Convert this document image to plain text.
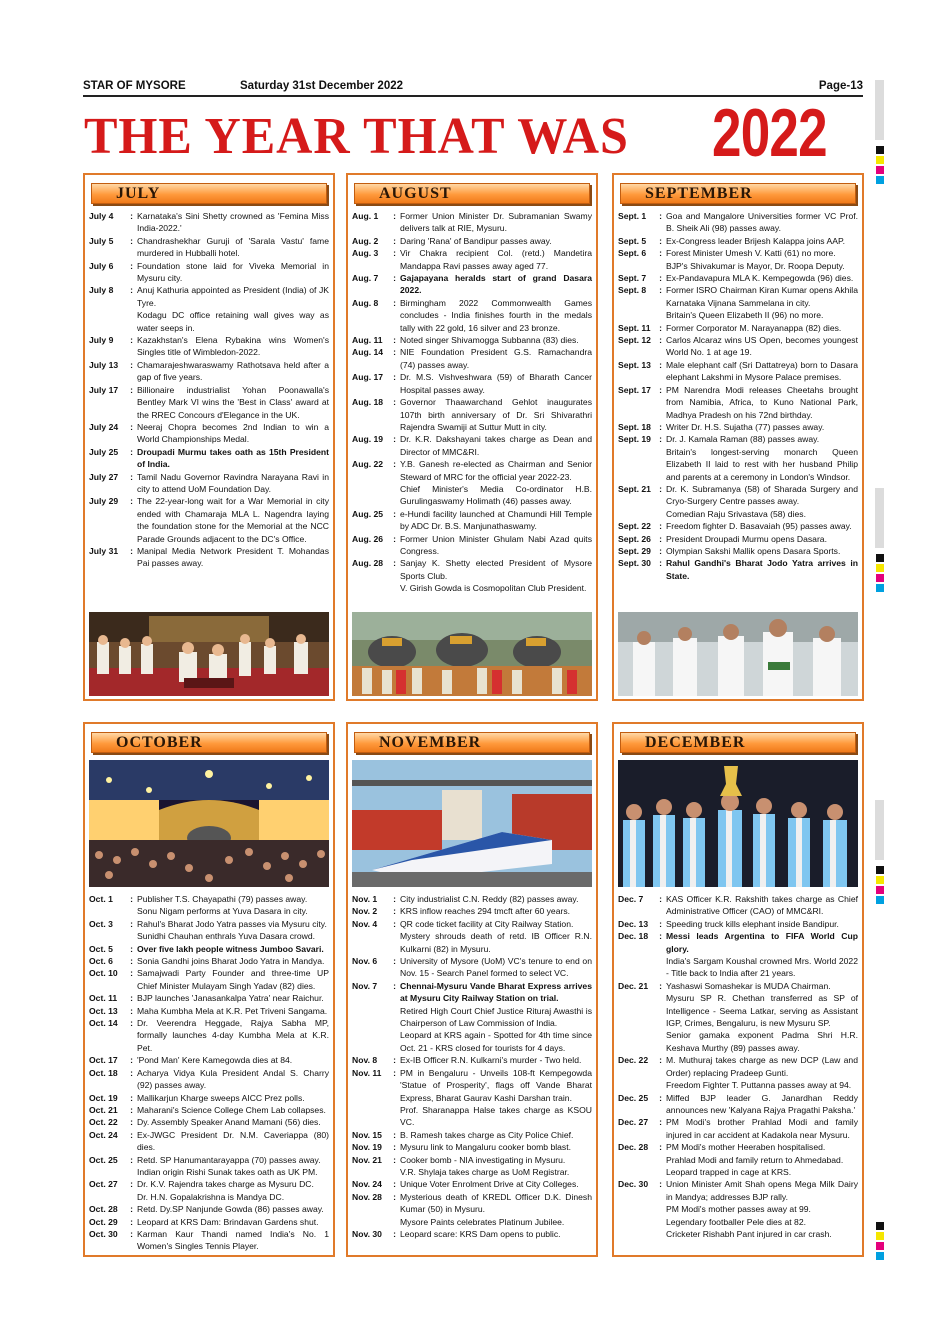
STAR OF MYSORE	Saturday 31st December 2022	Page-13
THE YEAR THAT WAS 2022
JULY	AUGUST	SEPTEMBER
OCTOBER	NOVEMBER	DECEMBER
July 4	: Karnataka's Sini Shetty crowned as 'Femina Miss India-2022.'
July 5	: Chandrashekhar Guruji of 'Sarala Vastu' fame murdered in Hubballi hotel.
July 6	: Foundation stone laid for Viveka Memorial in Mysuru city.
July 8	: Anuj Kathuria appointed as President (India) of JK Tyre.
Kodagu DC office retaining wall gives way as water seeps in.
July 9	: Kazakhstan's Elena Rybakina wins Women's Singles title of Wimbledon-2022.
July 13	: Chamarajeshwaraswamy Rathotsava held after a gap of five years.
July 17	: Billionaire industrialist Yohan Poonawalla's Bentley Mark VI wins the 'Best in Class' award at the RREC Concours d'Elegance in the UK.
July 24	: Neeraj Chopra becomes 2nd Indian to win a World Championships Medal.
July 25	: Droupadi Murmu takes oath as 15th President of India.
July 27	: Tamil Nadu Governor Ravindra Narayana Ravi in city to attend UoM Foundation Day.
July 29	: The 22-year-long wait for a War Memorial in city ended with Chamaraja MLA L. Nagendra laying the foundation stone for the Memorial at the NCC Parade Grounds adjacent to the DC's Office.
July 31	: Manipal Media Network President T. Mohandas Pai passes away.
Aug. 1	: Former Union Minister Dr. Subramanian Swamy delivers talk at RIE, Mysuru.
Aug. 2	: Daring 'Rana' of Bandipur passes away.
Aug. 3	: Vir Chakra recipient Col. (retd.) Mandetira Mandappa Ravi passes away aged 77.
Aug. 7	: Gajapayana heralds start of grand Dasara 2022.
Aug. 8	: Birmingham 2022 Commonwealth Games concludes - India finishes fourth in the medals tally with 22 gold, 16 silver and 23 bronze.
Aug. 11	: Noted singer Shivamogga Subbanna (83) dies.
Aug. 14	: NIE Foundation President G.S. Ramachandra (74) passes away.
Aug. 17	: Dr. M.S. Vishveshwara (59) of Bharath Cancer Hospital passes away.
Aug. 18	: Governor Thaawarchand Gehlot inaugurates 107th birth anniversary of Dr. Sri Shivarathri Rajendra Swamiji at Suttur Mutt in city.
Aug. 19	: Dr. K.R. Dakshayani takes charge as Dean and Director of MMC&RI.
Aug. 22	: Y.B. Ganesh re-elected as Chairman and Senior Steward of MRC for the official year 2022-23.
Chief Minister's Media Co-ordinator H.B. Gurulingaswamy Holimath (46) passes away.
Aug. 25	: e-Hundi facility launched at Chamundi Hill Temple by ADC Dr. B.S. Manjunathaswamy.
Aug. 26	: Former Union Minister Ghulam Nabi Azad quits Congress.
Aug. 28	: Sanjay K. Shetty elected President of Mysore Sports Club.
V. Girish Gowda is Cosmopolitan Club President.
Sept. 1	: Goa and Mangalore Universities former VC Prof. B. Sheik Ali (98) passes away.
Sept. 5	: Ex-Congress leader Brijesh Kalappa joins AAP.
Sept. 6	: Forest Minister Umesh V. Katti (61) no more.
BJP's Shivakumar is Mayor, Dr. Roopa Deputy.
Sept. 7	: Ex-Pandavapura MLA K. Kempegowda (96) dies.
Sept. 8	: Former ISRO Chairman Kiran Kumar opens Akhila Karnataka Vijnana Sammelana in city.
Britain's Queen Elizabeth II (96) no more.
Sept. 11 : Former Corporator M. Narayanappa (82) dies.
Sept. 12 : Carlos Alcaraz wins US Open, becomes youngest World No. 1 at age 19.
Sept. 13 : Male elephant calf (Sri Dattatreya) born to Dasara elephant Lakshmi in Mysore Palace premises.
Sept. 17 : PM Narendra Modi releases Cheetahs brought from Namibia, Africa, to Kuno National Park, Madhya Pradesh on his 72nd birthday.
Sept. 18 : Writer Dr. H.S. Sujatha (77) passes away.
Sept. 19 : Dr. J. Kamala Raman (88) passes away.
Britain's longest-serving monarch Queen Elizabeth II laid to rest with her husband Philip and parents at a ceremony in London's Windsor.
Sept. 21 : Dr. K. Subramanya (58) of Sharada Surgery and Cryo-Surgery Centre passes away.
Comedian Raju Srivastava (58) dies.
Sept. 22 : Freedom fighter D. Basavaiah (95) passes away.
Sept. 26 : President Droupadi Murmu opens Dasara.
Sept. 29 : Olympian Sakshi Mallik opens Dasara Sports.
Sept. 30 : Rahul Gandhi's Bharat Jodo Yatra arrives in State.
Oct. 1	: Publisher T.S. Chayapathi (79) passes away.
Sonu Nigam performs at Yuva Dasara in city.
Oct. 3	: Rahul's Bharat Jodo Yatra passes via Mysuru city.
Sunidhi Chauhan enthrals Yuva Dasara crowd.
Oct. 5	: Over five lakh people witness Jumboo Savari.
Oct. 6	: Sonia Gandhi joins Bharat Jodo Yatra in Mandya.
Oct. 10	: Samajwadi Party Founder and three-time UP Chief Minister Mulayam Singh Yadav (82) dies.
Oct. 11	: BJP launches 'Janasankalpa Yatra' near Raichur.
Oct. 13	: Maha Kumbha Mela at K.R. Pet Triveni Sangama.
Oct. 14	: Dr. Veerendra Heggade, Rajya Sabha MP, formally launches 4-day Kumbha Mela at K.R. Pet.
Oct. 17	: 'Pond Man' Kere Kamegowda dies at 84.
Oct. 18	: Acharya Vidya Kula President Andal S. Charry (92) passes away.
Oct. 19	: Mallikarjun Kharge sweeps AICC Prez polls.
Oct. 21	: Maharani's Science College Chem Lab collapses.
Oct. 22	: Dy. Assembly Speaker Anand Mamani (56) dies.
Oct. 24	: Ex-JWGC President Dr. N.M. Caveriappa (80) dies.
Oct. 25	: Retd. SP Hanumantarayappa (70) passes away.
Indian origin Rishi Sunak takes oath as UK PM.
Oct. 27	: Dr. K.V. Rajendra takes charge as Mysuru DC.
Dr. H.N. Gopalakrishna is Mandya DC.
Oct. 28	: Retd. Dy.SP Nanjunde Gowda (86) passes away.
Oct. 29	: Leopard at KRS Dam: Brindavan Gardens shut.
Oct. 30	: Karman Kaur Thandi named India's No. 1 Women's Singles Tennis Player.
Nov. 1	: City industrialist C.N. Reddy (82) passes away.
Nov. 2	: KRS inflow reaches 294 tmcft after 60 years.
Nov. 4	: QR code ticket facility at City Railway Station.
Mystery shrouds death of retd. IB Officer R.N. Kulkarni (82) in Mysuru.
Nov. 6	: University of Mysore (UoM) VC's tenure to end on Nov. 15 - Search Panel formed to select VC.
Nov. 7	: Chennai-Mysuru Vande Bharat Express arrives at Mysuru City Railway Station on trial.
Retired High Court Chief Justice Rituraj Awasthi is Chairperson of Law Commission of India.
Leopard at KRS again - Spotted for 4th time since Oct. 21 - KRS closed for tourists for 4 days.
Nov. 8	: Ex-IB Officer R.N. Kulkarni's murder - Two held.
Nov. 11	: PM in Bengaluru - Unveils 108-ft Kempegowda 'Statue of Prosperity', flags off Vande Bharat Express, Bharat Gaurav Kashi Darshan train.
Prof. Sharanappa Halse takes charge as KSOU VC.
Nov. 15	: B. Ramesh takes charge as City Police Chief.
Nov. 19	: Mysuru link to Mangaluru cooker bomb blast.
Nov. 21	: Cooker bomb - NIA investigating in Mysuru.
V.R. Shylaja takes charge as UoM Registrar.
Nov. 24	: Unique Voter Enrolment Drive at City Colleges.
Nov. 28	: Mysterious death of KREDL Officer D.K. Dinesh Kumar (50) in Mysuru.
Mysore Paints celebrates Platinum Jubilee.
Nov. 30	: Leopard scare: KRS Dam opens to public.
Dec. 7	: KAS Officer K.R. Rakshith takes charge as Chief Administrative Officer (CAO) of MMC&RI.
Dec. 13	: Speeding truck kills elephant inside Bandipur.
Dec. 18	: Messi leads Argentina to FIFA World Cup glory.
India's Sargam Koushal crowned Mrs. World 2022 - Title back to India after 21 years.
Dec. 21	: Yashaswi Somashekar is MUDA Chairman.
Mysuru SP R. Chethan transferred as SP of Intelligence - Seema Latkar, serving as Assistant IGP, Crimes, Bengaluru, is new Mysuru SP.
Senior gamaka exponent Padma Shri H.R. Keshava Murthy (89) passes away.
Dec. 22	: M. Muthuraj takes charge as new DCP (Law and Order) replacing Pradeep Gunti.
Freedom Fighter T. Puttanna passes away at 94.
Dec. 25	: Miffed BJP leader G. Janardhan Reddy announces new 'Kalyana Rajya Pragathi Paksha.'
Dec. 27	: PM Modi's brother Prahlad Modi and family injured in car accident at Kadakola near Mysuru.
Dec. 28	: PM Modi's mother Heeraben hospitalised.
Prahlad Modi and family return to Ahmedabad.
Leopard trapped in cage at KRS.
Dec. 30	: Union Minister Amit Shah opens Mega Milk Dairy in Mandya; addresses BJP rally.
PM Modi's mother passes away at 99.
Legendary footballer Pele dies at 82.
Cricketer Rishabh Pant injured in car crash.
